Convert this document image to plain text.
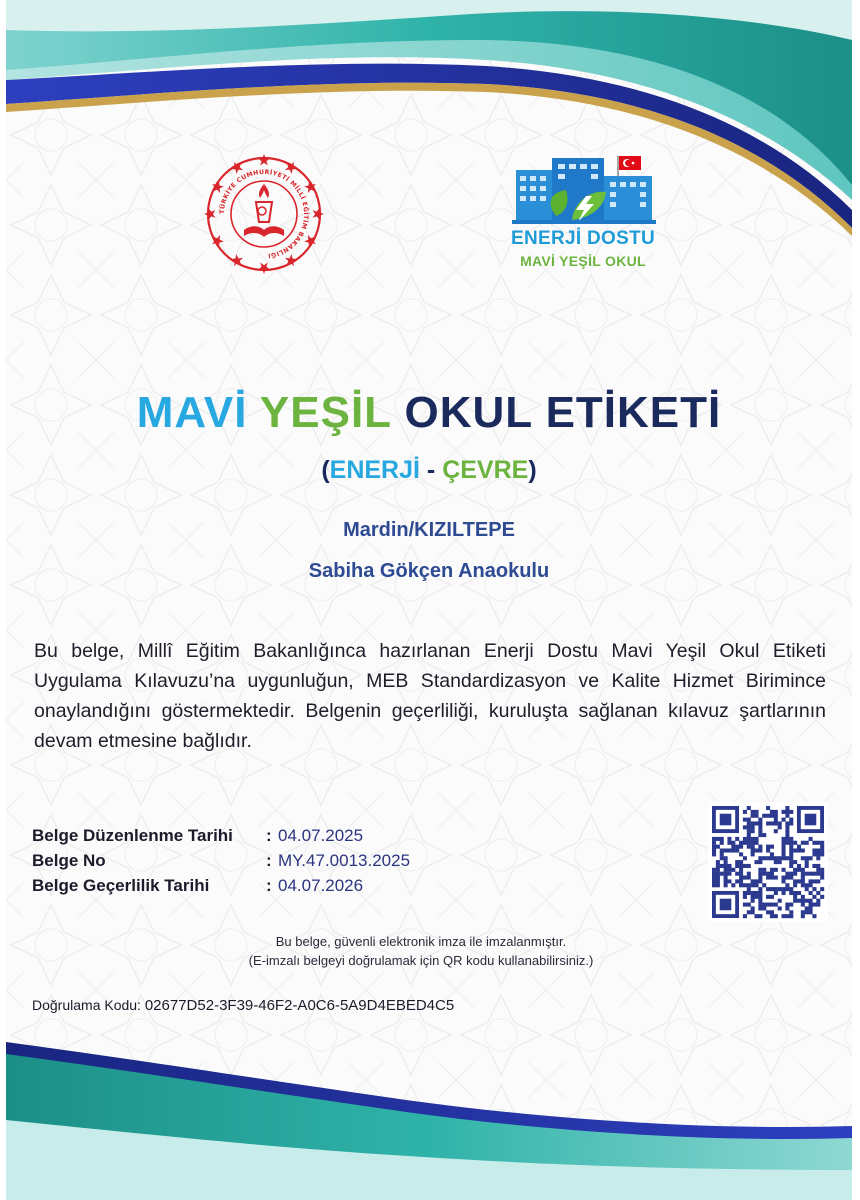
TÜRKİYE CUMHURİYETİ MİLLÎ EĞİTİM BAKANLIĞI
ENERJİ DOSTU
MAVİ YEŞİL OKUL
MAVİ YEŞİL OKUL ETİKETİ
(ENERJİ - ÇEVRE)
Mardin/KIZILTEPE
Sabiha Gökçen Anaokulu
Bu belge, Millî Eğitim Bakanlığınca hazırlanan Enerji Dostu Mavi Yeşil Okul Etiketi Uygulama Kılavuzu’na uygunluğun, MEB Standardizasyon ve Kalite Hizmet Birimince onaylandığını göstermektedir. Belgenin geçerliliği, kuruluşta sağlanan kılavuz şartlarının devam etmesine bağlıdır.
Belge Düzenlenme Tarihi	: 04.07.2025
Belge No	: MY.47.0013.2025
Belge Geçerlilik Tarihi	: 04.07.2026
Bu belge, güvenli elektronik imza ile imzalanmıştır.
(E-imzalı belgeyi doğrulamak için QR kodu kullanabilirsiniz.)
Doğrulama Kodu: 02677D52-3F39-46F2-A0C6-5A9D4EBED4C5
